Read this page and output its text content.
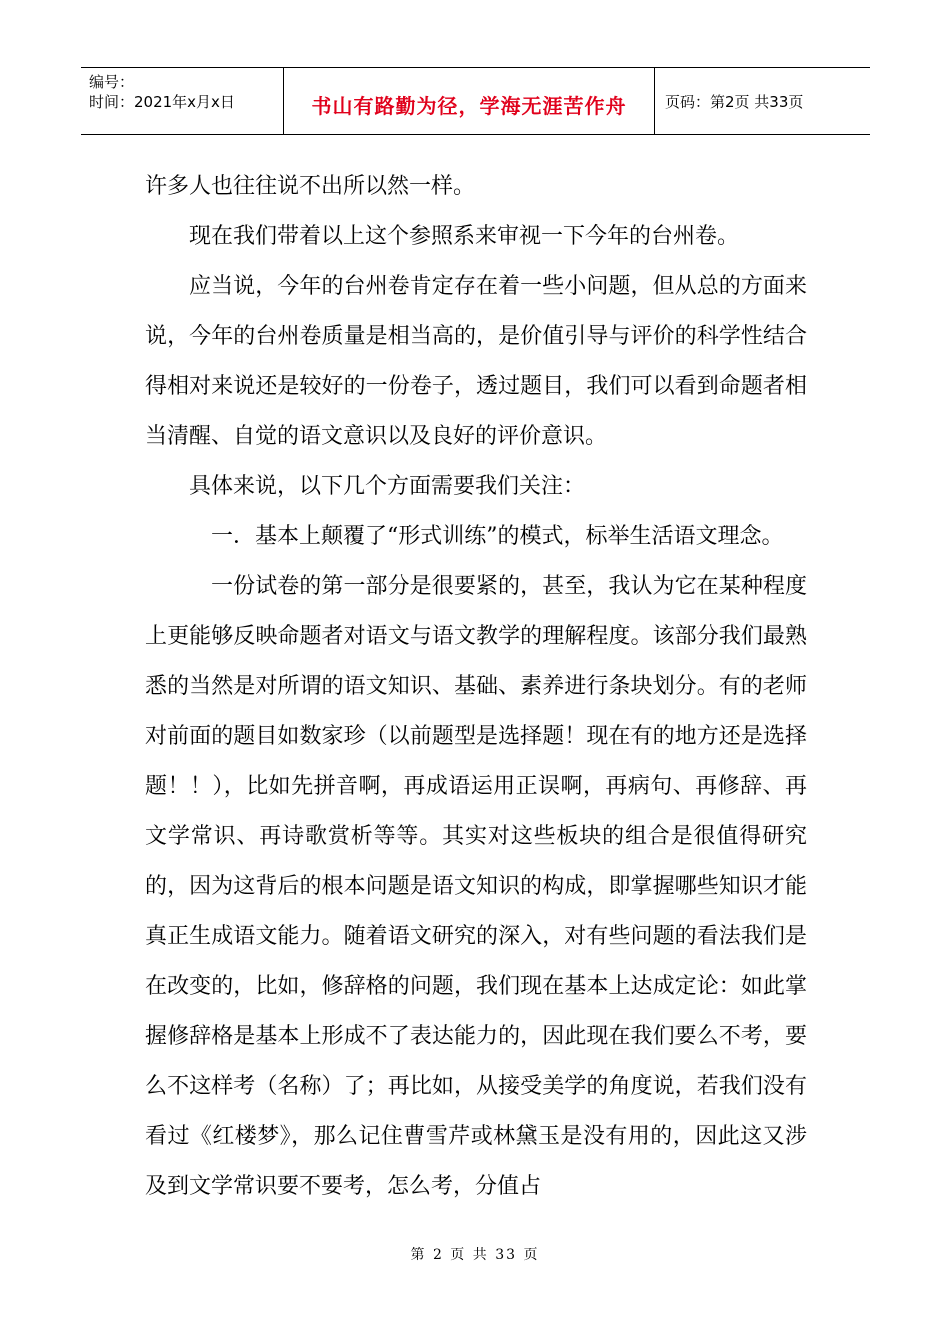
编号：
时间：2021年x月x日	书山有路勤为径，学海无涯苦作舟	页码：第2页 共33页

许多人也往往说不出所以然一样。

现在我们带着以上这个参照系来审视一下今年的台州卷。

应当说，今年的台州卷肯定存在着一些小问题，但从总的方面来说，今年的台州卷质量是相当高的，是价值引导与评价的科学性结合得相对来说还是较好的一份卷子，透过题目，我们可以看到命题者相当清醒、自觉的语文意识以及良好的评价意识。

具体来说，以下几个方面需要我们关注：

一．基本上颠覆了“形式训练”的模式，标举生活语文理念。

一份试卷的第一部分是很要紧的，甚至，我认为它在某种程度上更能够反映命题者对语文与语文教学的理解程度。该部分我们最熟悉的当然是对所谓的语文知识、基础、素养进行条块划分。有的老师对前面的题目如数家珍（以前题型是选择题！现在有的地方还是选择题！！），比如先拼音啊，再成语运用正误啊，再病句、再修辞、再文学常识、再诗歌赏析等等。其实对这些板块的组合是很值得研究的，因为这背后的根本问题是语文知识的构成，即掌握哪些知识才能真正生成语文能力。随着语文研究的深入，对有些问题的看法我们是在改变的，比如，修辞格的问题，我们现在基本上达成定论：如此掌握修辞格是基本上形成不了表达能力的，因此现在我们要么不考，要么不这样考（名称）了；再比如，从接受美学的角度说，若我们没有看过《红楼梦》，那么记住曹雪芹或林黛玉是没有用的，因此这又涉及到文学常识要不要考，怎么考，分值占

第 2 页 共 33 页
